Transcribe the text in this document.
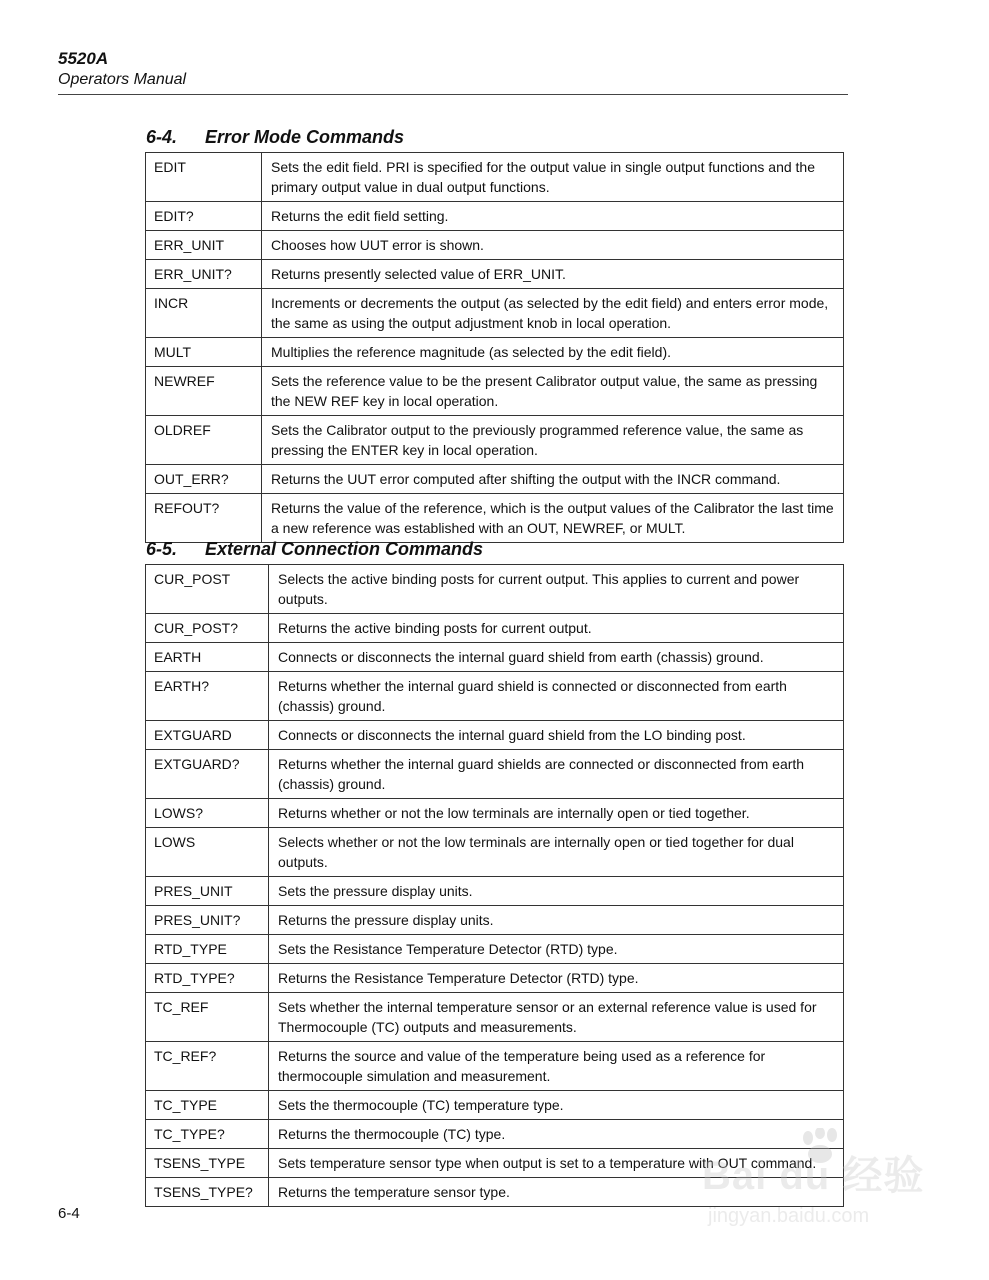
5520A
Operators Manual
6-4. Error Mode Commands
EDIT	Sets the edit field. PRI is specified for the output value in single output functions and the primary output value in dual output functions.
EDIT?	Returns the edit field setting.
ERR_UNIT	Chooses how UUT error is shown.
ERR_UNIT?	Returns presently selected value of ERR_UNIT.
INCR	Increments or decrements the output (as selected by the edit field) and enters error mode, the same as using the output adjustment knob in local operation.
MULT	Multiplies the reference magnitude (as selected by the edit field).
NEWREF	Sets the reference value to be the present Calibrator output value, the same as pressing the NEW REF key in local operation.
OLDREF	Sets the Calibrator output to the previously programmed reference value, the same as pressing the ENTER key in local operation.
OUT_ERR?	Returns the UUT error computed after shifting the output with the INCR command.
REFOUT?	Returns the value of the reference, which is the output values of the Calibrator the last time a new reference was established with an OUT, NEWREF, or MULT.
6-5. External Connection Commands
CUR_POST	Selects the active binding posts for current output. This applies to current and power outputs.
CUR_POST?	Returns the active binding posts for current output.
EARTH	Connects or disconnects the internal guard shield from earth (chassis) ground.
EARTH?	Returns whether the internal guard shield is connected or disconnected from earth (chassis) ground.
EXTGUARD	Connects or disconnects the internal guard shield from the LO binding post.
EXTGUARD?	Returns whether the internal guard shields are connected or disconnected from earth (chassis) ground.
LOWS?	Returns whether or not the low terminals are internally open or tied together.
LOWS	Selects whether or not the low terminals are internally open or tied together for dual outputs.
PRES_UNIT	Sets the pressure display units.
PRES_UNIT?	Returns the pressure display units.
RTD_TYPE	Sets the Resistance Temperature Detector (RTD) type.
RTD_TYPE?	Returns the Resistance Temperature Detector (RTD) type.
TC_REF	Sets whether the internal temperature sensor or an external reference value is used for Thermocouple (TC) outputs and measurements.
TC_REF?	Returns the source and value of the temperature being used as a reference for thermocouple simulation and measurement.
TC_TYPE	Sets the thermocouple (TC) temperature type.
TC_TYPE?	Returns the thermocouple (TC) type.
TSENS_TYPE	Sets temperature sensor type when output is set to a temperature with OUT command.
TSENS_TYPE?	Returns the temperature sensor type.
6-4
Bai du 经验
jingyan.baidu.com
